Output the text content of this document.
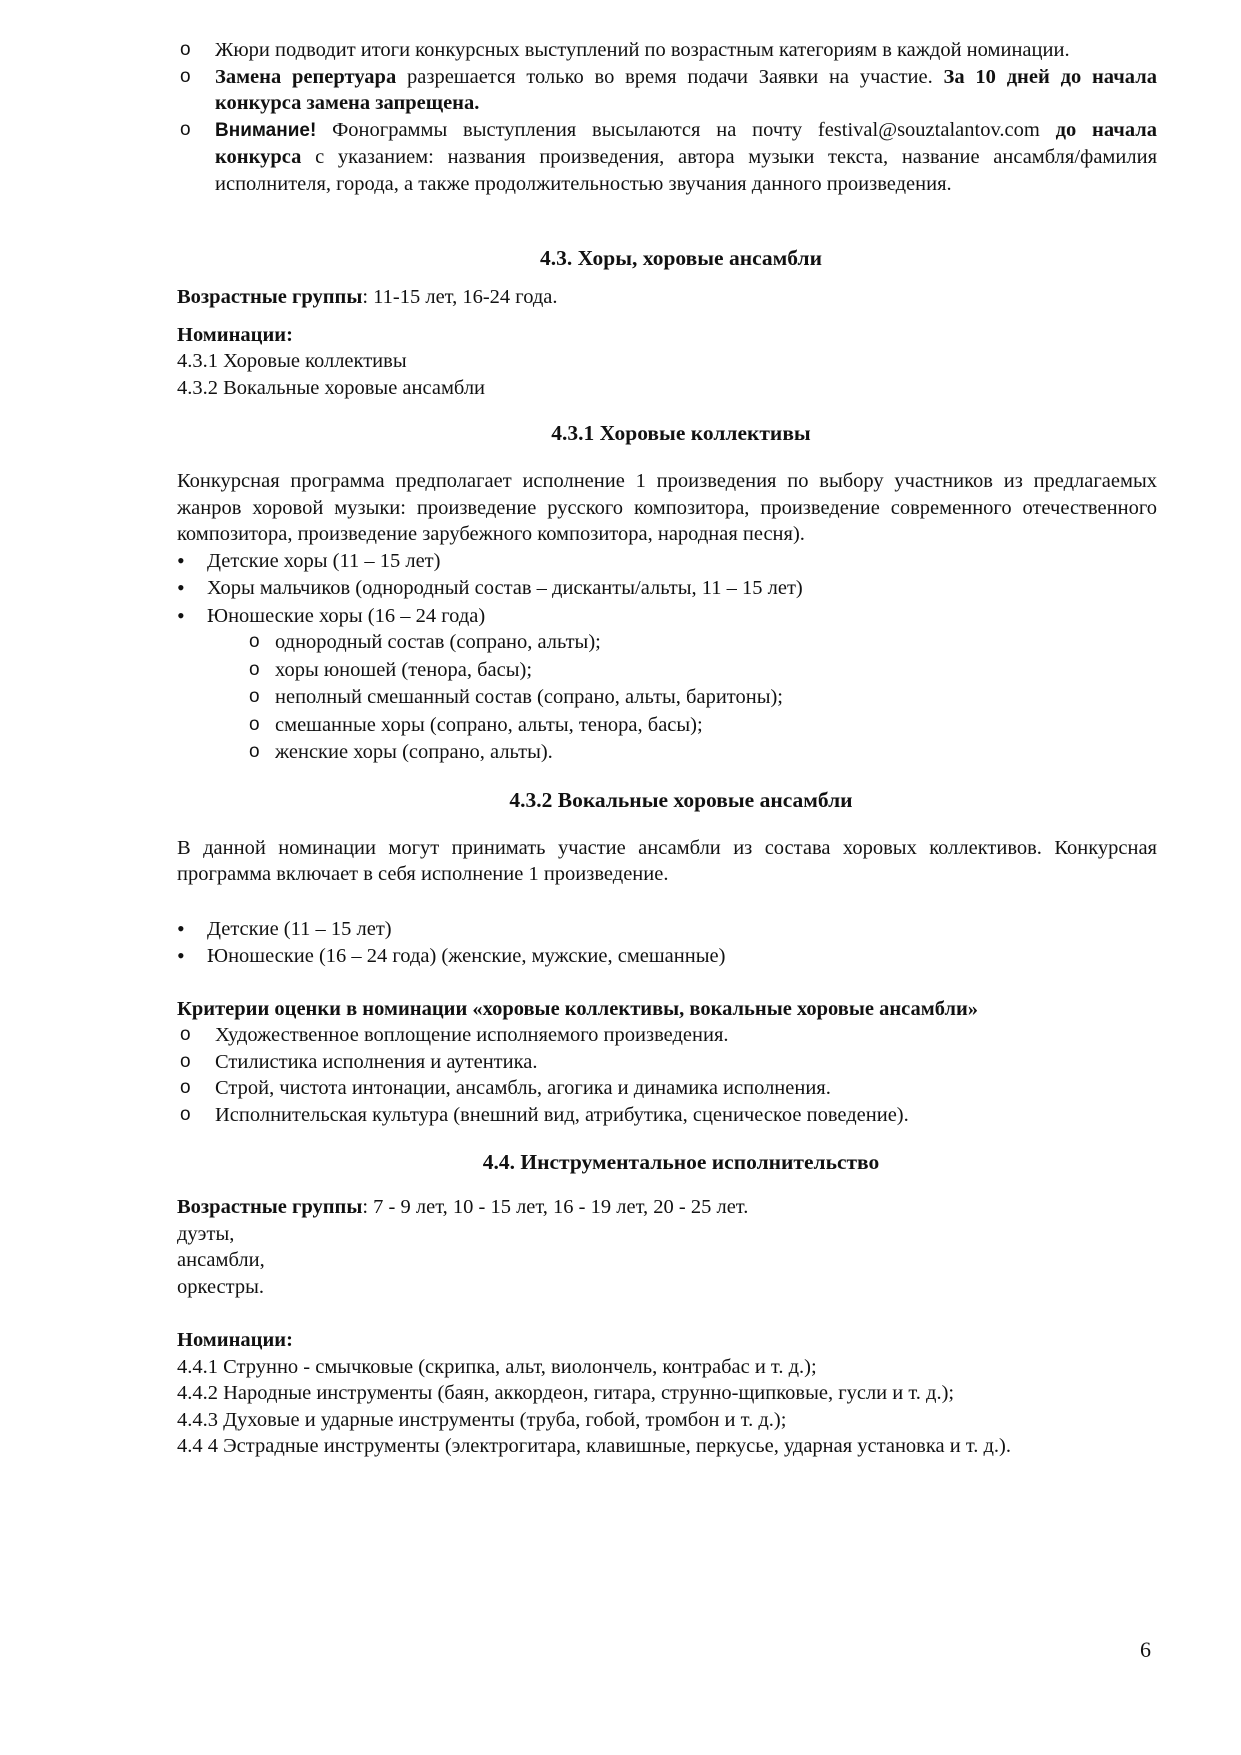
o Жюри подводит итоги конкурсных выступлений по возрастным категориям в каждой номинации.
o Замена репертуара разрешается только во время подачи Заявки на участие. За 10 дней до начала конкурса замена запрещена.
o Внимание! Фонограммы выступления высылаются на почту festival@souztalantov.com до начала конкурса с указанием: названия произведения, автора музыки текста, название ансамбля/фамилия исполнителя, города, а также продолжительностью звучания данного произведения.
4.3. Хоры, хоровые ансамбли

Возрастные группы: 11-15 лет, 16-24 года.

Номинации:
4.3.1 Хоровые коллективы
4.3.2 Вокальные хоровые ансамбли
4.3.1 Хоровые коллективы

Конкурсная программа предполагает исполнение 1 произведения по выбору участников из предлагаемых жанров хоровой музыки: произведение русского композитора, произведение современного отечественного композитора, произведение зарубежного композитора, народная песня).

• Детские хоры (11 – 15 лет)
• Хоры мальчиков (однородный состав – дисканты/альты, 11 – 15 лет)
• Юношеские хоры (16 – 24 года)
o однородный состав (сопрано, альты);
o хоры юношей (тенора, басы);
o неполный смешанный состав (сопрано, альты, баритоны);
o смешанные хоры (сопрано, альты, тенора, басы);
o женские хоры (сопрано, альты).
4.3.2 Вокальные хоровые ансамбли

В данной номинации могут принимать участие ансамбли из состава хоровых коллективов. Конкурсная программа включает в себя исполнение 1 произведение.

• Детские (11 – 15 лет)
• Юношеские (16 – 24 года) (женские, мужские, смешанные)
Критерии оценки в номинации «хоровые коллективы, вокальные хоровые ансамбли»
o Художественное воплощение исполняемого произведения.
o Стилистика исполнения и аутентика.
o Строй, чистота интонации, ансамбль, агогика и динамика исполнения.
o Исполнительская культура (внешний вид, атрибутика, сценическое поведение).
4.4. Инструментальное исполнительство

Возрастные группы: 7 - 9 лет, 10 - 15 лет, 16 - 19 лет, 20 - 25 лет.

дуэты,
ансамбли,
оркестры.
Номинации:
4.4.1 Струнно - смычковые (скрипка, альт, виолончель, контрабас и т. д.);
4.4.2 Народные инструменты (баян, аккордеон, гитара, струнно-щипковые, гусли и т. д.);
4.4.3 Духовые и ударные инструменты (труба, гобой, тромбон и т. д.);
4.4 4 Эстрадные инструменты (электрогитара, клавишные, перкусье, ударная установка и т. д.).
6
